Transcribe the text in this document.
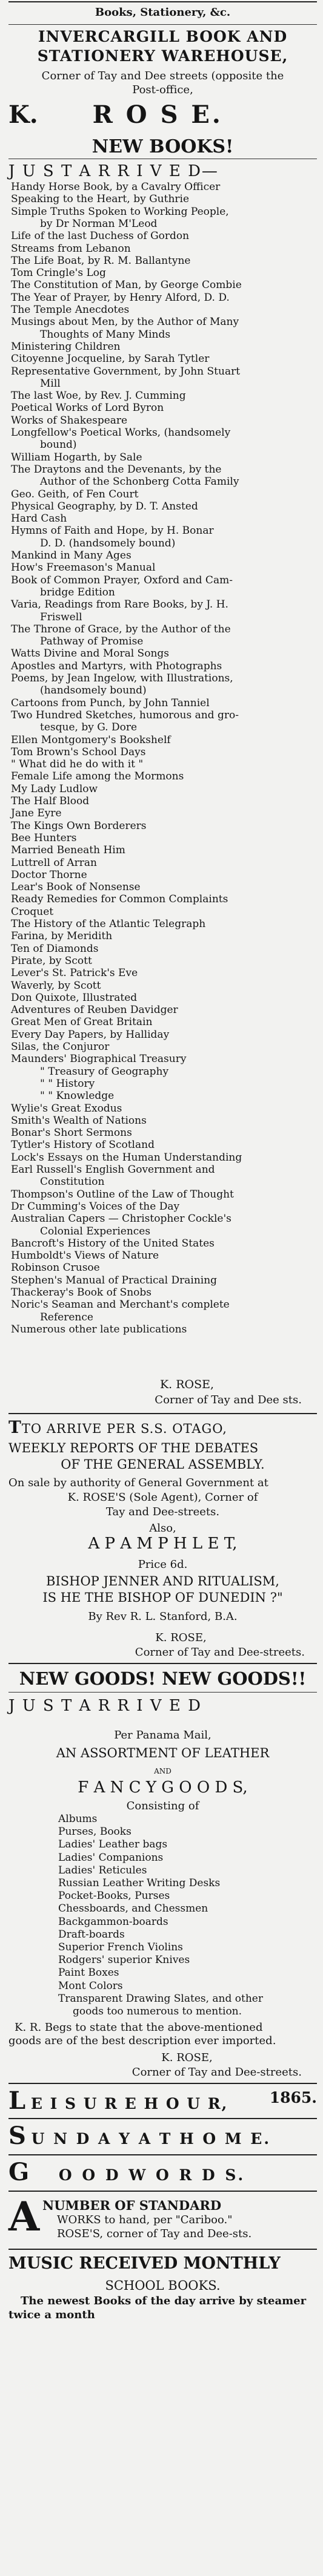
Books, Stationery, &c.
INVERCARGILL BOOK AND
STATIONERY WAREHOUSE,
Corner of Tay and Dee streets (opposite the
Post-office,
K. R O S E.
NEW BOOKS!
J U S T A R R I V E D—
Handy Horse Book, by a Cavalry Officer
Speaking to the Heart, by Guthrie
Simple Truths Spoken to Working People,
by Dr Norman M'Leod
Life of the last Duchess of Gordon
Streams from Lebanon
The Life Boat, by R. M. Ballantyne
Tom Cringle's Log
The Constitution of Man, by George Combie
The Year of Prayer, by Henry Alford, D. D.
The Temple Anecdotes
Musings about Men, by the Author of Many
Thoughts of Many Minds
Ministering Children
Citoyenne Jocqueline, by Sarah Tytler
Representative Government, by John Stuart
Mill
The last Woe, by Rev. J. Cumming
Poetical Works of Lord Byron
Works of Shakespeare
Longfellow's Poetical Works, (handsomely
bound)
William Hogarth, by Sale
The Draytons and the Devenants, by the
Author of the Schonberg Cotta Family
Geo. Geith, of Fen Court
Physical Geography, by D. T. Ansted
Hard Cash
Hymns of Faith and Hope, by H. Bonar
D. D. (handsomely bound)
Mankind in Many Ages
How's Freemason's Manual
Book of Common Prayer, Oxford and Cam-
bridge Edition
Varia, Readings from Rare Books, by J. H.
Friswell
The Throne of Grace, by the Author of the
Pathway of Promise
Watts Divine and Moral Songs
Apostles and Martyrs, with Photographs
Poems, by Jean Ingelow, with Illustrations,
(handsomely bound)
Cartoons from Punch, by John Tanniel
Two Hundred Sketches, humorous and gro-
tesque, by G. Dore
Ellen Montgomery's Bookshelf
Tom Brown's School Days
" What did he do with it "
Female Life among the Mormons
My Lady Ludlow
The Half Blood
Jane Eyre
The Kings Own Borderers
Bee Hunters
Married Beneath Him
Luttrell of Arran
Doctor Thorne
Lear's Book of Nonsense
Ready Remedies for Common Complaints
Croquet
The History of the Atlantic Telegraph
Farina, by Meridith
Ten of Diamonds
Pirate, by Scott
Lever's St. Patrick's Eve
Waverly, by Scott
Don Quixote, Illustrated
Adventures of Reuben Davidger
Great Men of Great Britain
Every Day Papers, by Halliday
Silas, the Conjuror
Maunders' Biographical Treasury
" Treasury of Geography
" " History
" " Knowledge
Wylie's Great Exodus
Smith's Wealth of Nations
Bonar's Short Sermons
Tytler's History of Scotland
Lock's Essays on the Human Understanding
Earl Russell's English Government and
Constitution
Thompson's Outline of the Law of Thought
Dr Cumming's Voices of the Day
Australian Capers — Christopher Cockle's
Colonial Experiences
Bancroft's History of the United States
Humboldt's Views of Nature
Robinson Crusoe
Stephen's Manual of Practical Draining
Thackeray's Book of Snobs
Noric's Seaman and Merchant's complete
Reference
Numerous other late publications
K. ROSE,
Corner of Tay and Dee sts.
TTO ARRIVE PER S.S. OTAGO,
WEEKLY REPORTS OF THE DEBATES
OF THE GENERAL ASSEMBLY.
On sale by authority of General Government at
K. ROSE'S (Sole Agent), Corner of
Tay and Dee-streets.
Also,
A P A M P H L E T,
Price 6d.
BISHOP JENNER AND RITUALISM,
IS HE THE BISHOP OF DUNEDIN ?"
By Rev R. L. Stanford, B.A.
K. ROSE,
Corner of Tay and Dee-streets.
NEW GOODS! NEW GOODS!!
J U S T A R R I V E D
Per Panama Mail,
AN ASSORTMENT OF LEATHER
AND
F A N C Y G O O D S,
Consisting of
Albums
Purses, Books
Ladies' Leather bags
Ladies' Companions
Ladies' Reticules
Russian Leather Writing Desks
Pocket-Books, Purses
Chessboards, and Chessmen
Backgammon-boards
Draft-boards
Superior French Violins
Rodgers' superior Knives
Paint Boxes
Mont Colors
Transparent Drawing Slates, and other
goods too numerous to mention.
K. R. Begs to state that the above-mentioned
goods are of the best description ever imported.
K. ROSE,
Corner of Tay and Dee-streets.
L E I S U R E H O U R,	1865.
S U N D A Y A T H O M E.
G O O D W O R D S.
A NUMBER OF STANDARD
WORKS to hand, per "Cariboo."
ROSE'S, corner of Tay and Dee-sts.
MUSIC RECEIVED MONTHLY
SCHOOL BOOKS.
The newest Books of the day arrive by steamer
twice a month
